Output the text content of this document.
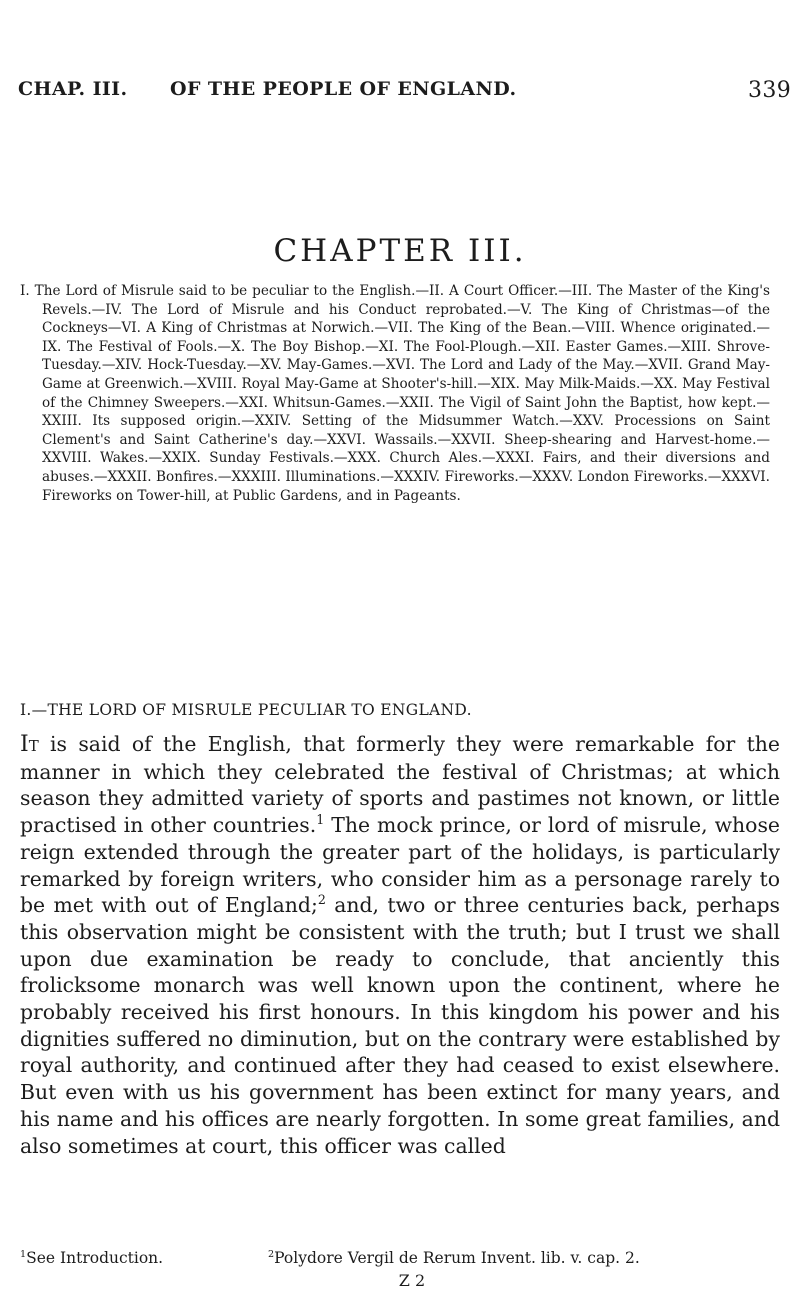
CHAP. III. OF THE PEOPLE OF ENGLAND.	339
CHAPTER III.
I. The Lord of Misrule said to be peculiar to the English.—II. A Court Officer.—III. The Master of the King's Revels.—IV. The Lord of Misrule and his Conduct reprobated.—V. The King of Christmas—of the Cockneys—VI. A King of Christmas at Norwich.—VII. The King of the Bean.—VIII. Whence originated.—IX. The Festival of Fools.—X. The Boy Bishop.—XI. The Fool-Plough.—XII. Easter Games.—XIII. Shrove-Tuesday.—XIV. Hock-Tuesday.—XV. May-Games.—XVI. The Lord and Lady of the May.—XVII. Grand May-Game at Greenwich.—XVIII. Royal May-Game at Shooter's-hill.—XIX. May Milk-Maids.—XX. May Festival of the Chimney Sweepers.—XXI. Whitsun-Games.—XXII. The Vigil of Saint John the Baptist, how kept.—XXIII. Its supposed origin.—XXIV. Setting of the Midsummer Watch.—XXV. Processions on Saint Clement's and Saint Catherine's day.—XXVI. Wassails.—XXVII. Sheep-shearing and Harvest-home.—XXVIII. Wakes.—XXIX. Sunday Festivals.—XXX. Church Ales.—XXXI. Fairs, and their diversions and abuses.—XXXII. Bonfires.—XXXIII. Illuminations.—XXXIV. Fireworks.—XXXV. London Fireworks.—XXXVI. Fireworks on Tower-hill, at Public Gardens, and in Pageants.
I.—THE LORD OF MISRULE PECULIAR TO ENGLAND.
It is said of the English, that formerly they were remarkable for the manner in which they celebrated the festival of Christmas; at which season they admitted variety of sports and pastimes not known, or little practised in other countries.$^1$ The mock prince, or lord of misrule, whose reign extended through the greater part of the holidays, is particularly remarked by foreign writers, who consider him as a personage rarely to be met with out of England;$^2$ and, two or three centuries back, perhaps this observation might be consistent with the truth; but I trust we shall upon due examination be ready to conclude, that anciently this frolicksome monarch was well known upon the continent, where he probably received his first honours. In this kingdom his power and his dignities suffered no diminution, but on the contrary were established by royal authority, and continued after they had ceased to exist elsewhere. But even with us his government has been extinct for many years, and his name and his offices are nearly forgotten. In some great families, and also sometimes at court, this officer was called
$^1$ See Introduction.	$^2$ Polydore Vergil de Rerum Invent. lib. v. cap. 2.
Z 2
